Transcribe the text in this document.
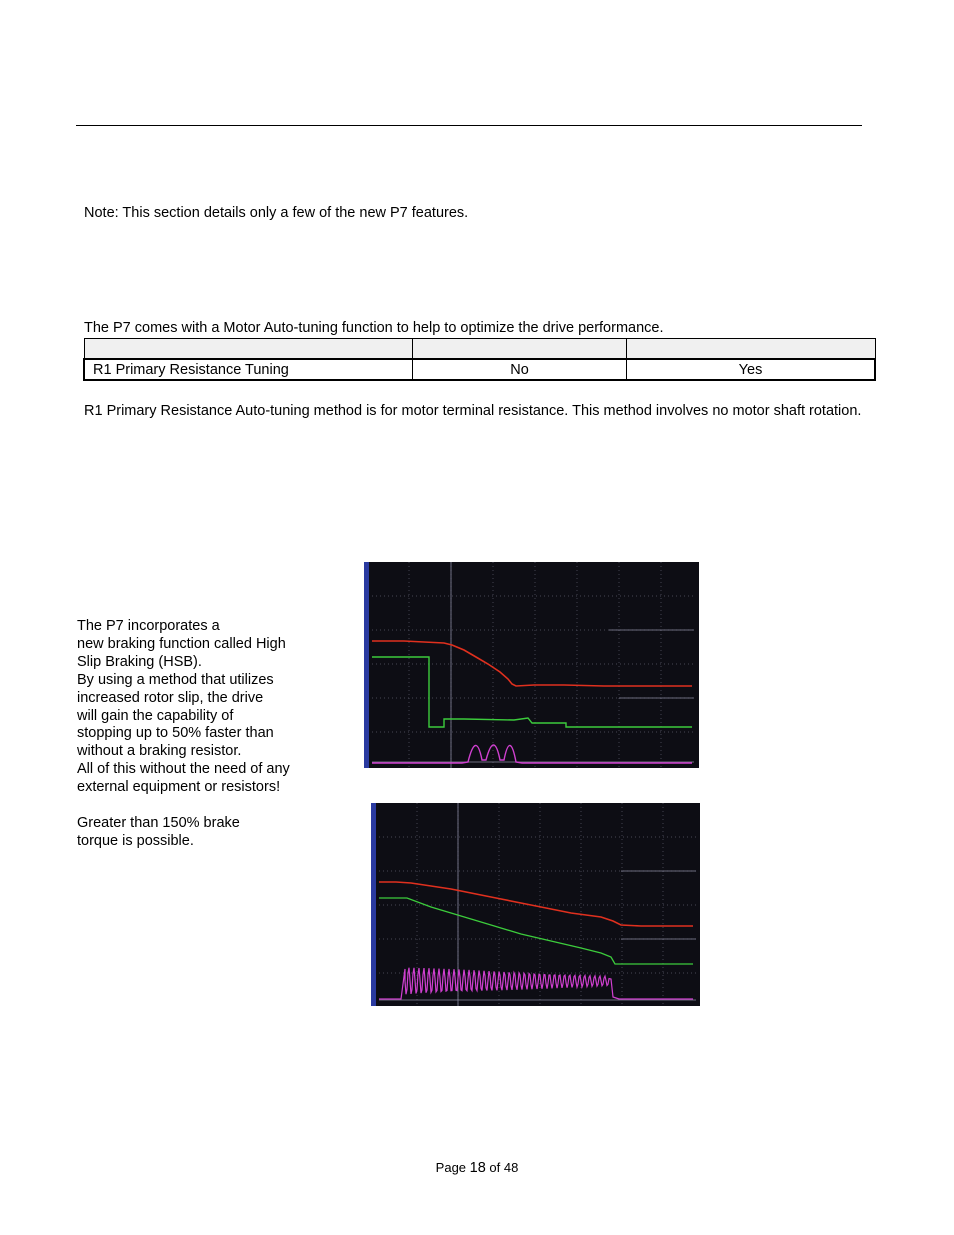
Note: This section details only a few of the new P7 features.

The P7 comes with a Motor Auto-tuning function to help to optimize the drive performance.

R1 Primary Resistance Tuning	No	Yes

R1 Primary Resistance Auto-tuning method is for motor terminal resistance. This method involves no motor shaft rotation.

The P7 incorporates a
new braking function called High
Slip Braking (HSB).
By using a method that utilizes
increased rotor slip, the drive
will gain the capability of
stopping up to 50% faster than
without a braking resistor.
All of this without the need of any
external equipment or resistors!

Greater than 150% brake
torque is possible.

Page 18 of 48
